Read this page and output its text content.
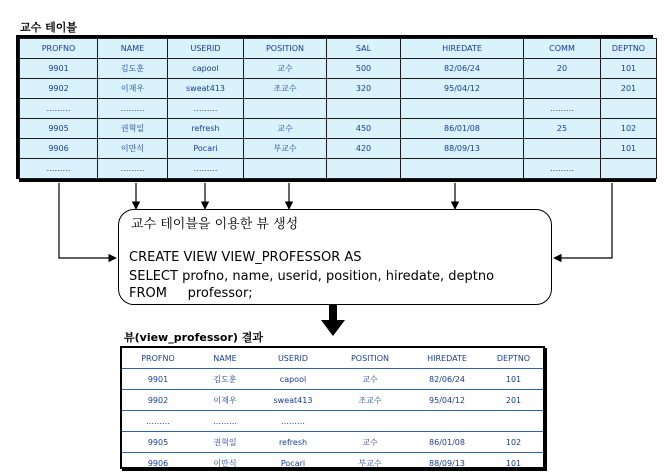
교수 테이블
PROFNO	NAME	USERID	POSITION	SAL	HIREDATE	COMM	DEPTNO
9901	김도훈	capool	교수	500	82/06/24	20	101
9902	이재우	sweat413	조교수	320	95/04/12		201
………	………	………				………	
9905	권혁일	refresh	교수	450	86/01/08	25	102
9906	이만식	Pocari	부교수	420	88/09/13		101
………	………	………				………	
교수 테이블을 이용한 뷰 생성
CREATE VIEW VIEW_PROFESSOR AS
SELECT profno, name, userid, position, hiredate, deptno
FROM     professor;
뷰(view_professor) 결과
PROFNO	NAME	USERID	POSITION	HIREDATE	DEPTNO
9901	김도훈	capool	교수	82/06/24	101
9902	이재우	sweat413	조교수	95/04/12	201
………	………	………			
9905	권혁일	refresh	교수	86/01/08	102
9906	이만식	Pocari	부교수	88/09/13	101
